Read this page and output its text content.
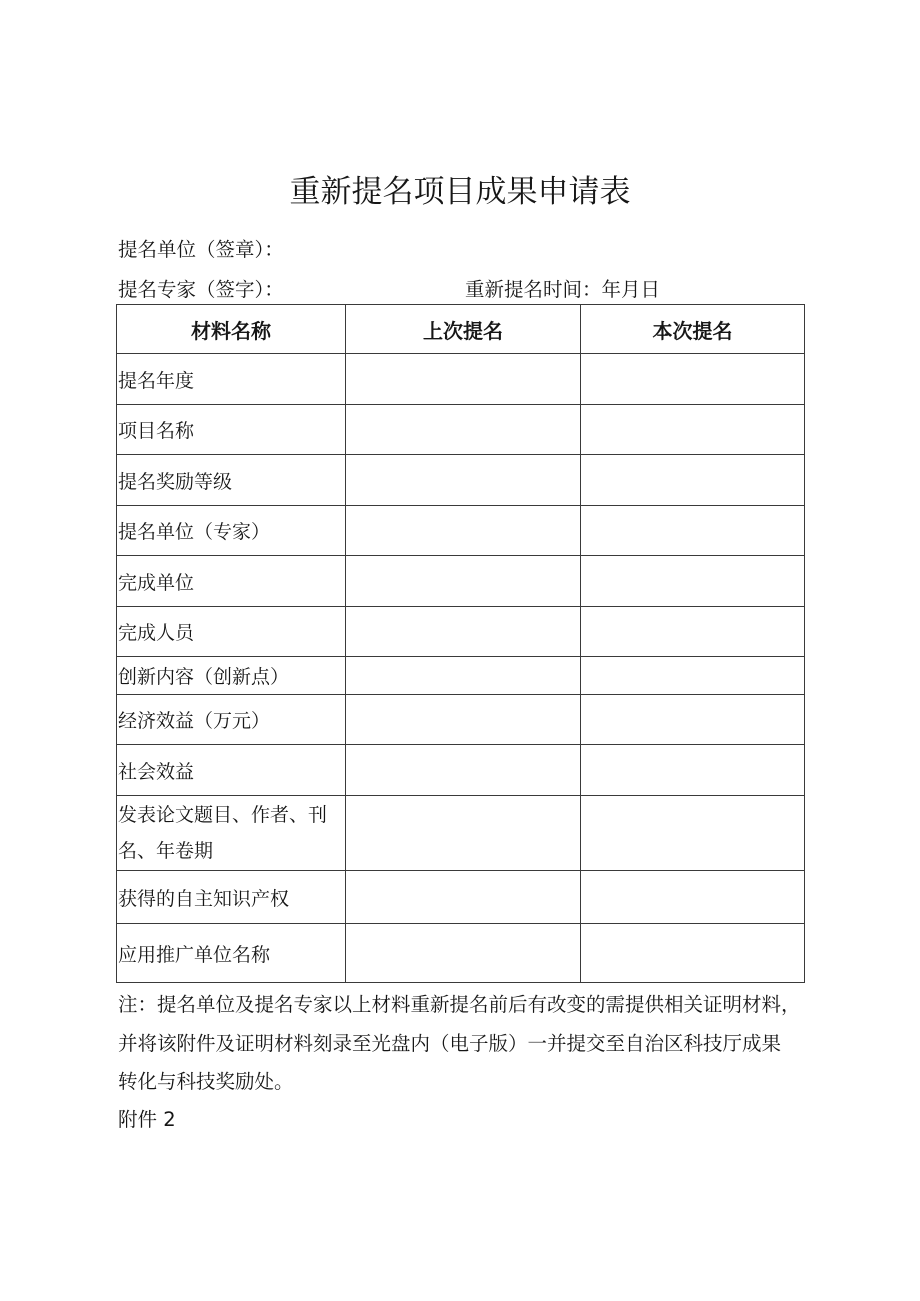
重新提名项目成果申请表
提名单位（签章）：
提名专家（签字）：	重新提名时间：年月日
材料名称	上次提名	本次提名
提名年度		
项目名称		
提名奖励等级		
提名单位（专家）		
完成单位		
完成人员		
创新内容（创新点）		
经济效益（万元）		
社会效益		

发表论文题目、作者、刊
名、年卷期		

获得的自主知识产权		
应用推广单位名称		
注：提名单位及提名专家以上材料重新提名前后有改变的需提供相关证明材料，
并将该附件及证明材料刻录至光盘内（电子版）一并提交至自治区科技厅成果
转化与科技奖励处。
附件 2
